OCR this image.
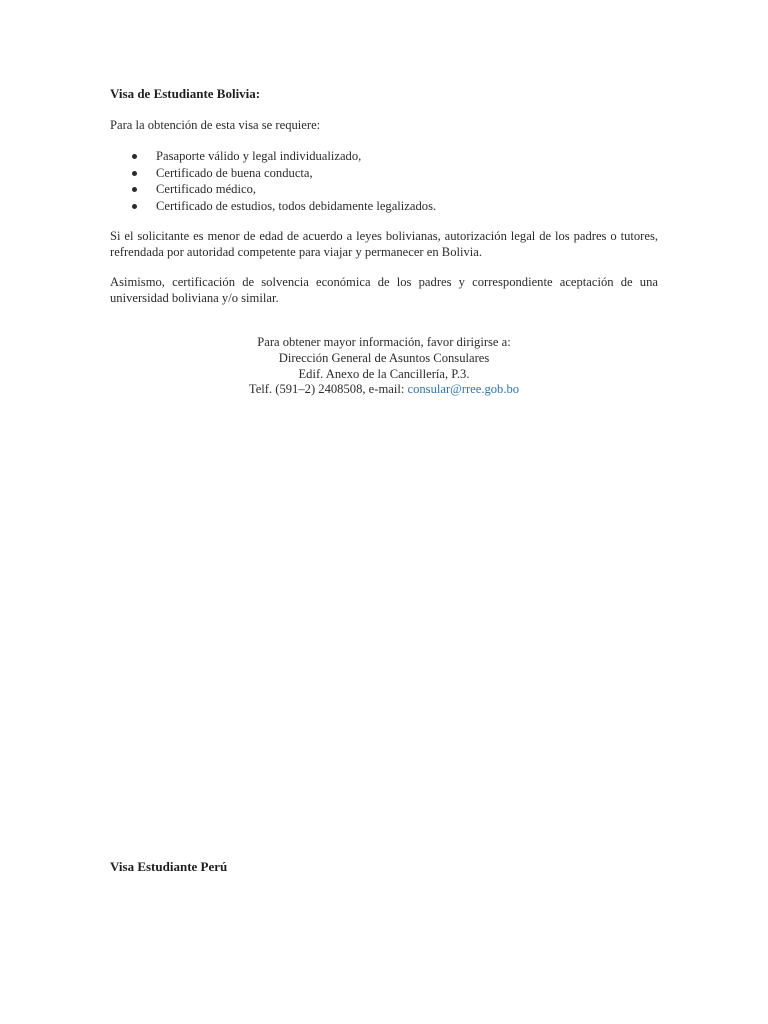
Visa de Estudiante Bolivia:

Para la obtención de esta visa se requiere:

Pasaporte válido y legal individualizado,
Certificado de buena conducta,
Certificado médico,
Certificado de estudios, todos debidamente legalizados.

Si el solicitante es menor de edad de acuerdo a leyes bolivianas, autorización legal de los padres o tutores, refrendada por autoridad competente para viajar y permanecer en Bolivia.

Asimismo, certificación de solvencia económica de los padres y correspondiente aceptación de una universidad boliviana y/o similar.

Para obtener mayor información, favor dirigirse a:
Dirección General de Asuntos Consulares
Edif. Anexo de la Cancillería, P.3.
Telf. (591–2) 2408508, e-mail: consular@rree.gob.bo
Visa Estudiante Perú
